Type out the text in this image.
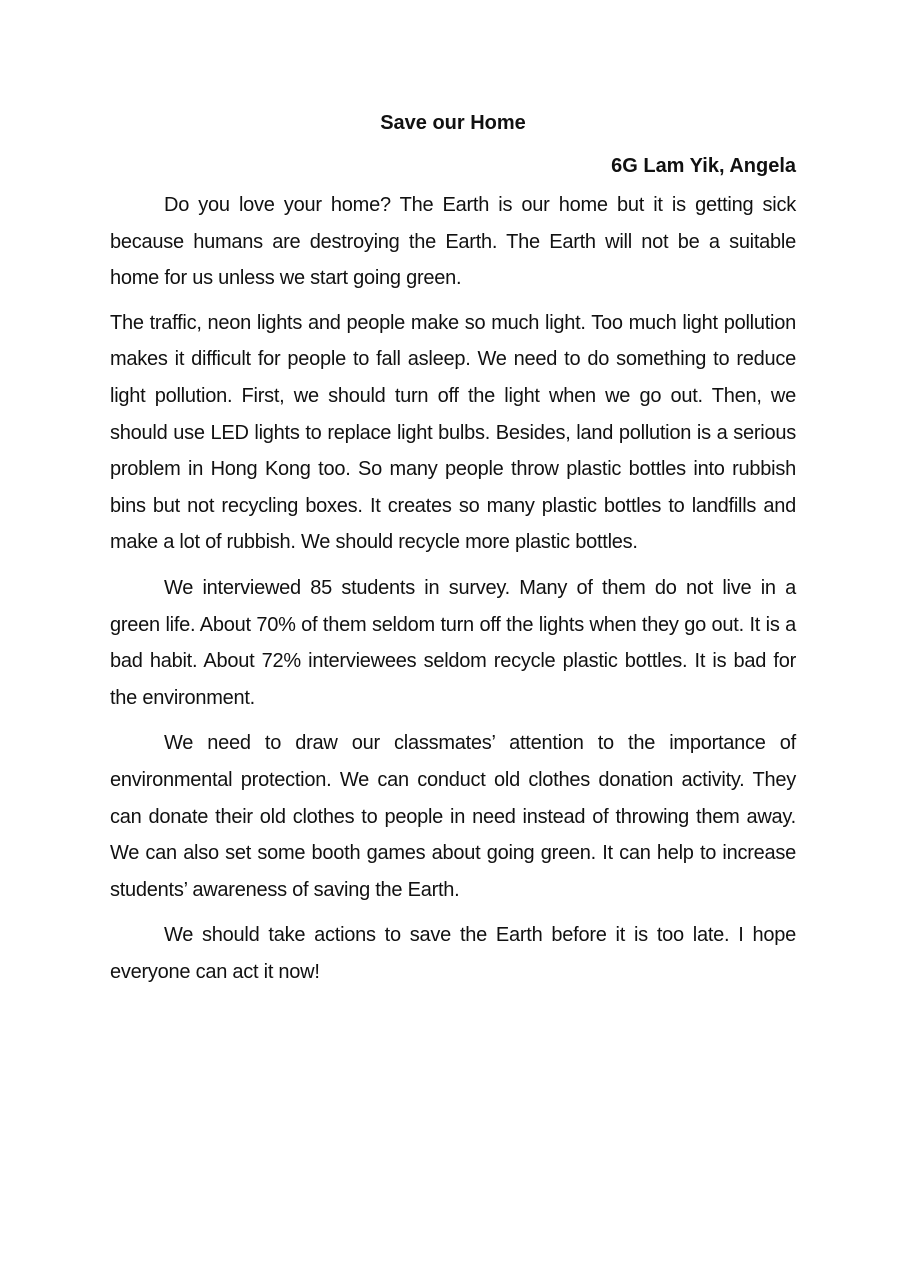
Save our Home
6G Lam Yik, Angela

Do you love your home? The Earth is our home but it is getting sick because humans are destroying the Earth. The Earth will not be a suitable home for us unless we start going green.

The traffic, neon lights and people make so much light. Too much light pollution makes it difficult for people to fall asleep. We need to do something to reduce light pollution. First, we should turn off the light when we go out. Then, we should use LED lights to replace light bulbs. Besides, land pollution is a serious problem in Hong Kong too. So many people throw plastic bottles into rubbish bins but not recycling boxes. It creates so many plastic bottles to landfills and make a lot of rubbish. We should recycle more plastic bottles.

We interviewed 85 students in survey. Many of them do not live in a green life. About 70% of them seldom turn off the lights when they go out. It is a bad habit. About 72% interviewees seldom recycle plastic bottles. It is bad for the environment.

We need to draw our classmates’ attention to the importance of environmental protection. We can conduct old clothes donation activity. They can donate their old clothes to people in need instead of throwing them away. We can also set some booth games about going green. It can help to increase students’ awareness of saving the Earth.

We should take actions to save the Earth before it is too late. I hope everyone can act it now!
